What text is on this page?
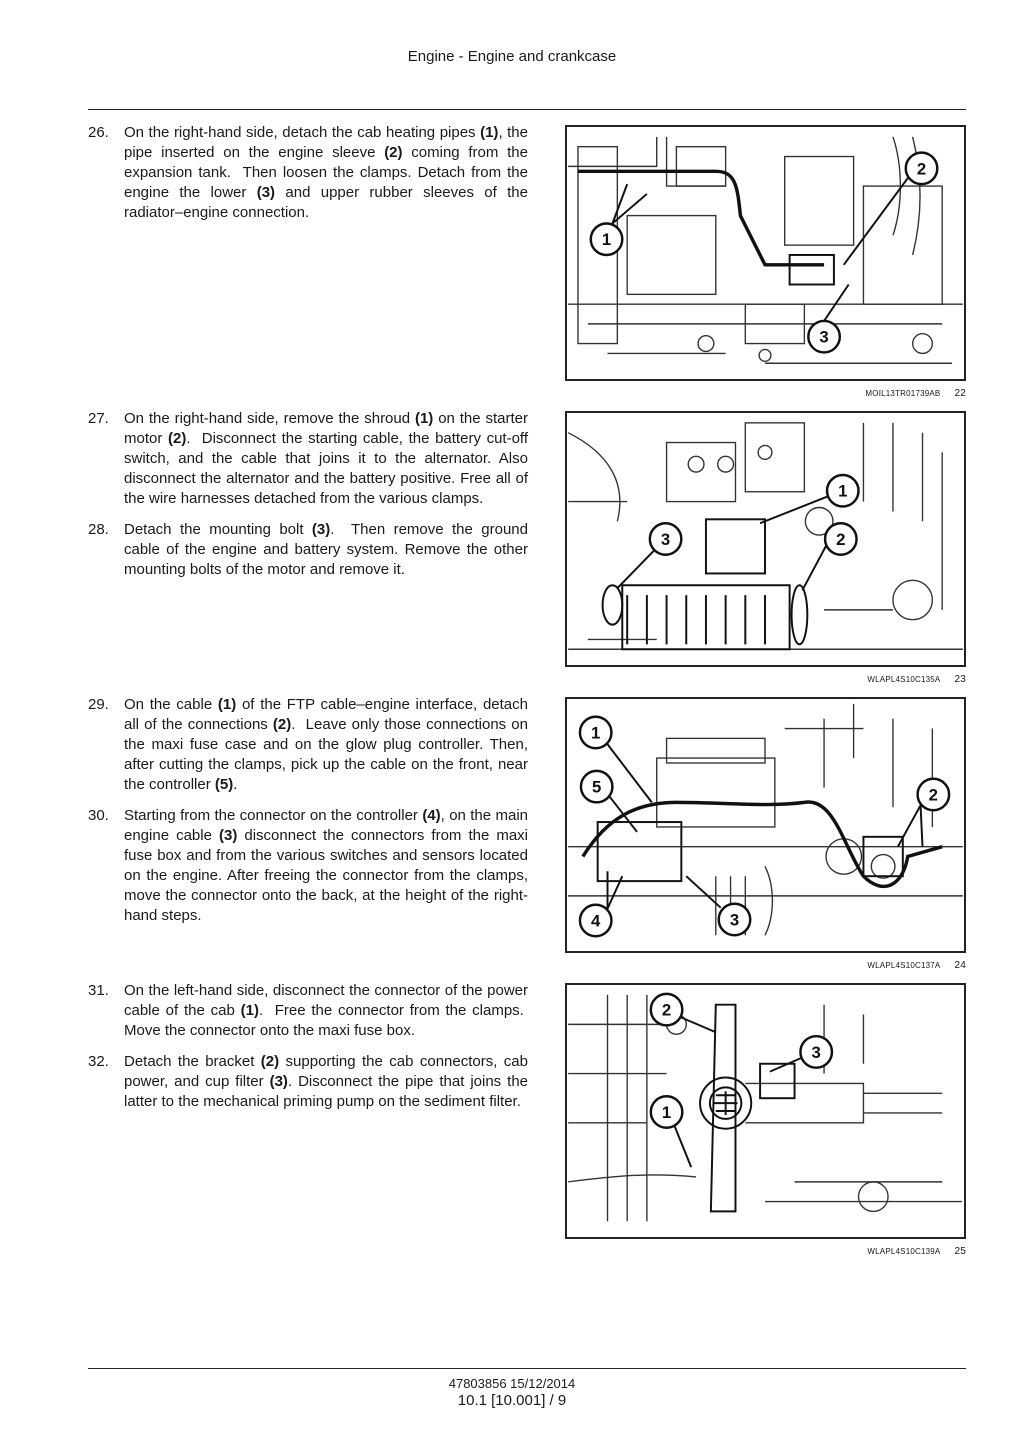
Engine - Engine and crankcase
26.	On the right-hand side, detach the cab heating pipes (1), the pipe inserted on the engine sleeve (2) coming from the expansion tank.  Then loosen the clamps. Detach from the engine the lower (3) and upper rubber sleeves of the radiator–engine connection.
1
2
3
MOIL13TR01739AB 22
27.	On the right-hand side, remove the shroud (1) on the starter motor (2).  Disconnect the starting cable, the battery cut-off switch, and the cable that joins it to the alternator. Also disconnect the alternator and the battery positive. Free all of the wire harnesses detached from the various clamps.
28.	Detach the mounting bolt (3).  Then remove the ground cable of the engine and battery system. Remove the other mounting bolts of the motor and remove it.
1
2
3
WLAPL4S10C135A 23
29.	On the cable (1) of the FTP cable–engine interface, detach all of the connections (2).  Leave only those connections on the maxi fuse case and on the glow plug controller. Then, after cutting the clamps, pick up the cable on the front, near the controller (5).
30.	Starting from the connector on the controller (4), on the main engine cable (3) disconnect the connectors from the maxi fuse box and from the various switches and sensors located on the engine. After freeing the connector from the clamps, move the connector onto the back, at the height of the right-hand steps.
1
2
3
4
5
WLAPL4S10C137A 24
31.	On the left-hand side, disconnect the connector of the power cable of the cab (1).  Free the connector from the clamps.  Move the connector onto the maxi fuse box.
32.	Detach the bracket (2) supporting the cab connectors, cab power, and cup filter (3). Disconnect the pipe that joins the latter to the mechanical priming pump on the sediment filter.
2
3
1
WLAPL4S10C139A 25
47803856 15/12/2014
10.1 [10.001] / 9
